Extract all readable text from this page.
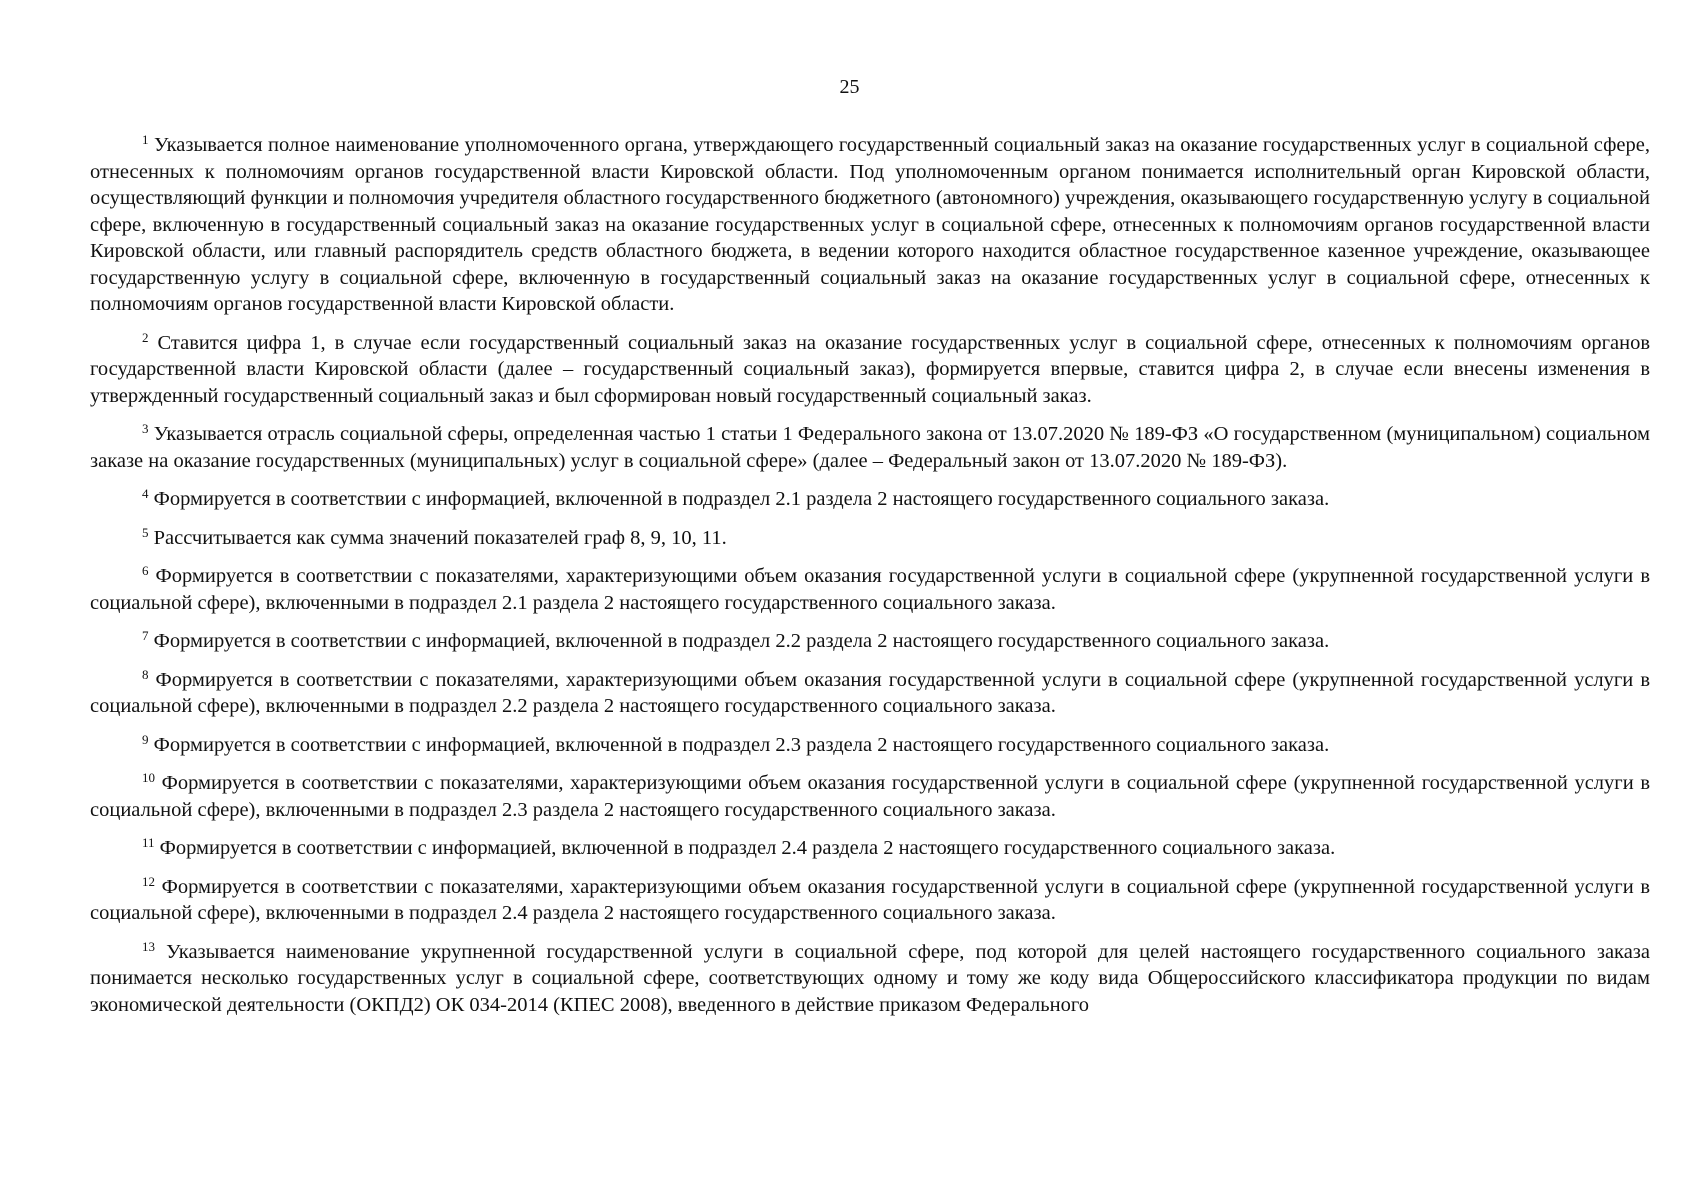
25

$^1$ Указывается полное наименование уполномоченного органа, утверждающего государственный социальный заказ на оказание государственных услуг в социальной сфере, отнесенных к полномочиям органов государственной власти Кировской области. Под уполномоченным органом понимается исполнительный орган Кировской области, осуществляющий функции и полномочия учредителя областного государственного бюджетного (автономного) учреждения, оказывающего государственную услугу в социальной сфере, включенную в государственный социальный заказ на оказание государственных услуг в социальной сфере, отнесенных к полномочиям органов государственной власти Кировской области, или главный распорядитель средств областного бюджета, в ведении которого находится областное государственное казенное учреждение, оказывающее государственную услугу в социальной сфере, включенную в государственный социальный заказ на оказание государственных услуг в социальной сфере, отнесенных к полномочиям органов государственной власти Кировской области.

$^2$ Ставится цифра 1, в случае если государственный социальный заказ на оказание государственных услуг в социальной сфере, отнесенных к полномочиям органов государственной власти Кировской области (далее – государственный социальный заказ), формируется впервые, ставится цифра 2, в случае если внесены изменения в утвержденный государственный социальный заказ и был сформирован новый государственный социальный заказ.

$^3$ Указывается отрасль социальной сферы, определенная частью 1 статьи 1 Федерального закона от 13.07.2020 № 189-ФЗ «О государственном (муниципальном) социальном заказе на оказание государственных (муниципальных) услуг в социальной сфере» (далее – Федеральный закон от 13.07.2020 № 189-ФЗ).

$^4$ Формируется в соответствии с информацией, включенной в подраздел 2.1 раздела 2 настоящего государственного социального заказа.

$^5$ Рассчитывается как сумма значений показателей граф 8, 9, 10, 11.

$^6$ Формируется в соответствии с показателями, характеризующими объем оказания государственной услуги в социальной сфере (укрупненной государственной услуги в социальной сфере), включенными в подраздел 2.1 раздела 2 настоящего государственного социального заказа.

$^7$ Формируется в соответствии с информацией, включенной в подраздел 2.2 раздела 2 настоящего государственного социального заказа.

$^8$ Формируется в соответствии с показателями, характеризующими объем оказания государственной услуги в социальной сфере (укрупненной государственной услуги в социальной сфере), включенными в подраздел 2.2 раздела 2 настоящего государственного социального заказа.

$^9$ Формируется в соответствии с информацией, включенной в подраздел 2.3 раздела 2 настоящего государственного социального заказа.

$^{10}$ Формируется в соответствии с показателями, характеризующими объем оказания государственной услуги в социальной сфере (укрупненной государственной услуги в социальной сфере), включенными в подраздел 2.3 раздела 2 настоящего государственного социального заказа.

$^{11}$ Формируется в соответствии с информацией, включенной в подраздел 2.4 раздела 2 настоящего государственного социального заказа.

$^{12}$ Формируется в соответствии с показателями, характеризующими объем оказания государственной услуги в социальной сфере (укрупненной государственной услуги в социальной сфере), включенными в подраздел 2.4 раздела 2 настоящего государственного социального заказа.

$^{13}$ Указывается наименование укрупненной государственной услуги в социальной сфере, под которой для целей настоящего государственного социального заказа понимается несколько государственных услуг в социальной сфере, соответствующих одному и тому же коду вида Общероссийского классификатора продукции по видам экономической деятельности (ОКПД2) ОК 034-2014 (КПЕС 2008), введенного в действие приказом Федерального
